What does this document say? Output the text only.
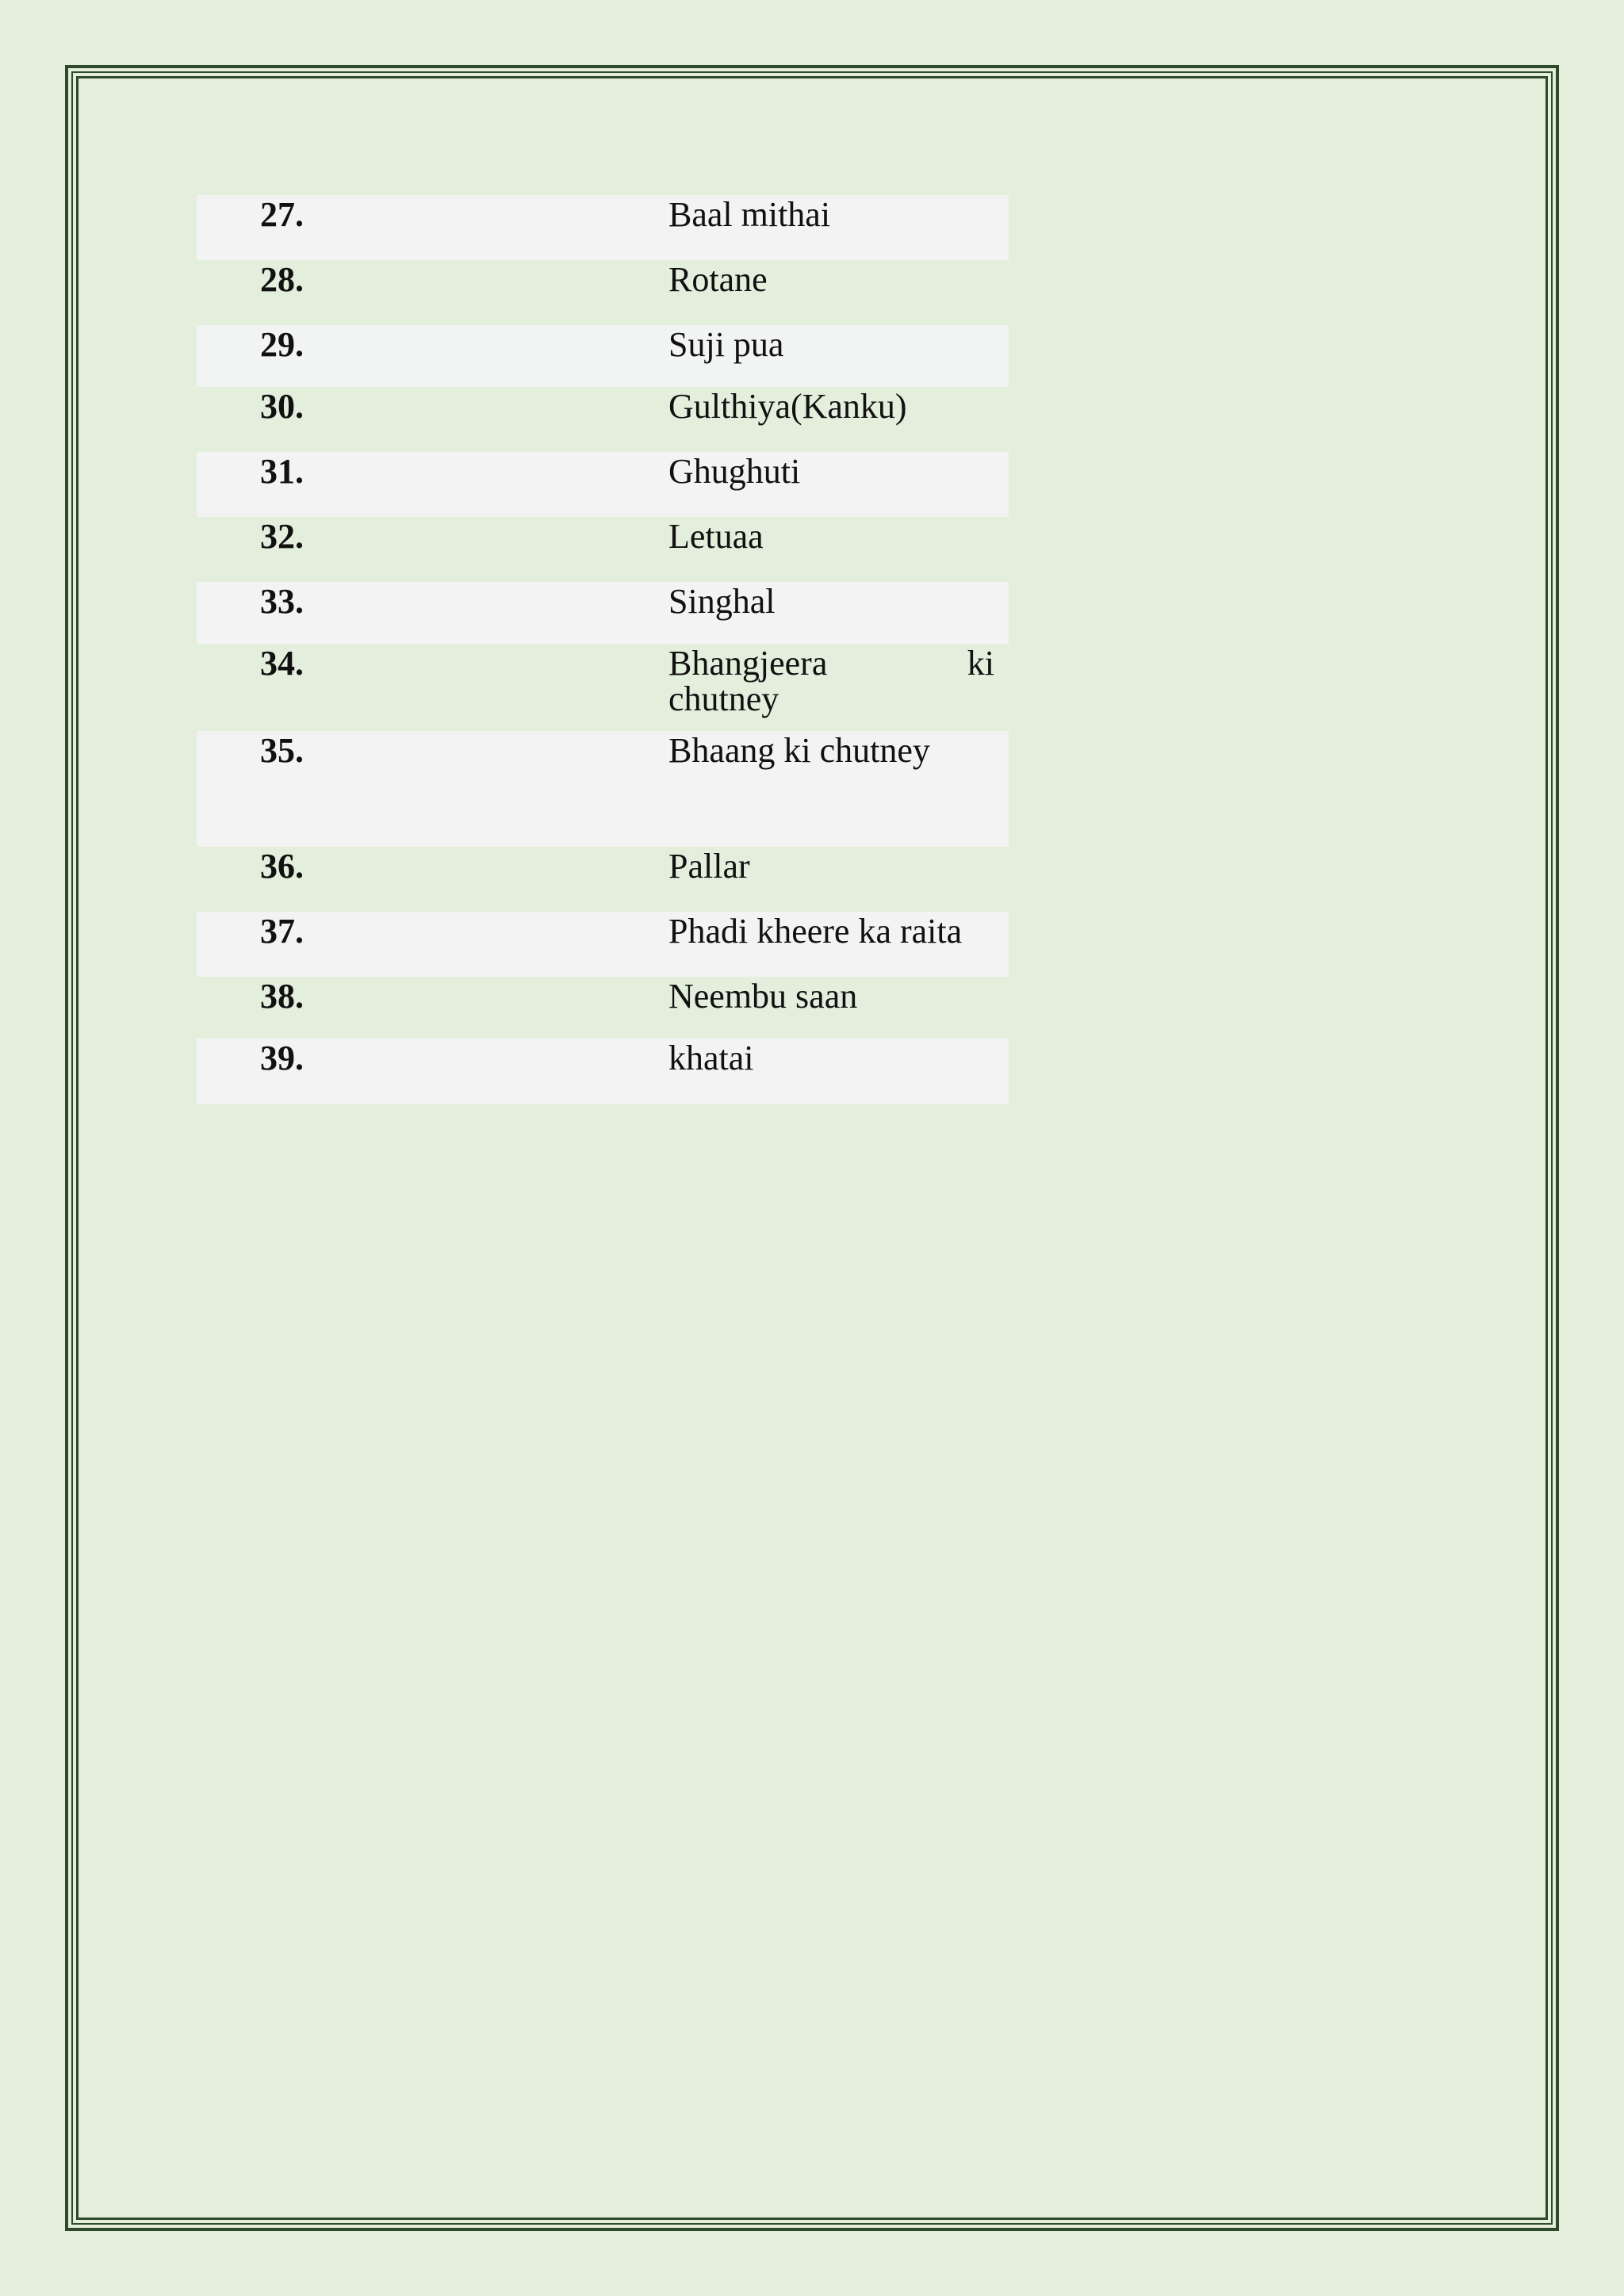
27.	Baal mithai
28.	Rotane
29.	Suji pua
30.	Gulthiya(Kanku)
31.	Ghughuti
32.	Letuaa
33.	Singhal
34.	Bhangjeera ki
chutney

35.	Bhaang ki chutney
36.	Pallar
37.	Phadi kheere ka raita
38.	Neembu saan
39.	khatai
